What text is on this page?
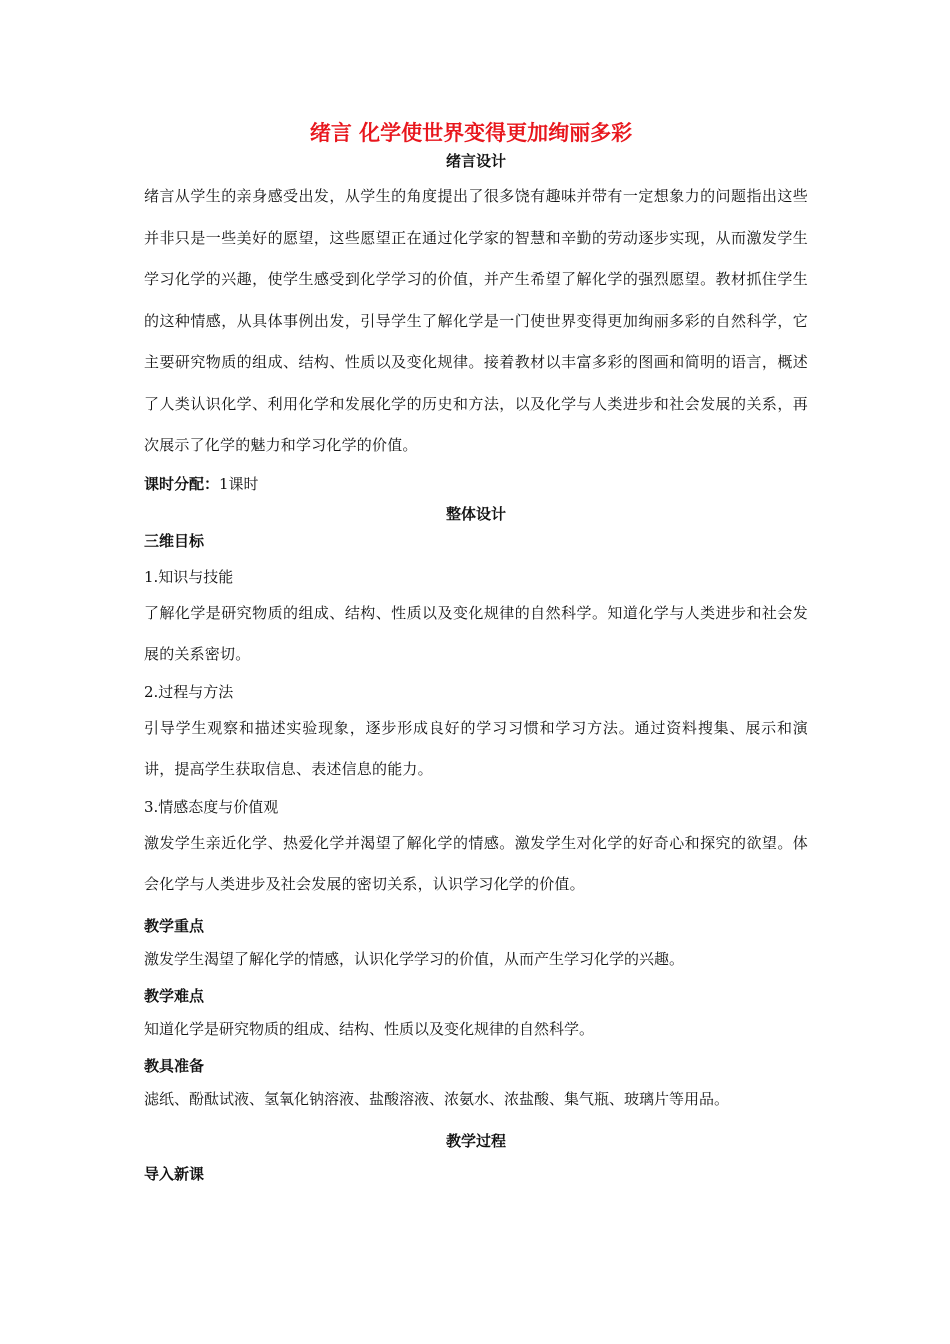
绪言 化学使世界变得更加绚丽多彩
绪言设计
绪言从学生的亲身感受出发，从学生的角度提出了很多饶有趣味并带有一定想象力的问题指出这些并非只是一些美好的愿望，这些愿望正在通过化学家的智慧和辛勤的劳动逐步实现，从而激发学生学习化学的兴趣，使学生感受到化学学习的价值，并产生希望了解化学的强烈愿望。教材抓住学生的这种情感，从具体事例出发，引导学生了解化学是一门使世界变得更加绚丽多彩的自然科学，它主要研究物质的组成、结构、性质以及变化规律。接着教材以丰富多彩的图画和简明的语言，概述了人类认识化学、利用化学和发展化学的历史和方法，以及化学与人类进步和社会发展的关系，再次展示了化学的魅力和学习化学的价值。
课时分配：1课时
整体设计
三维目标
1.知识与技能
了解化学是研究物质的组成、结构、性质以及变化规律的自然科学。知道化学与人类进步和社会发展的关系密切。
2.过程与方法
引导学生观察和描述实验现象，逐步形成良好的学习习惯和学习方法。通过资料搜集、展示和演讲，提高学生获取信息、表述信息的能力。
3.情感态度与价值观
激发学生亲近化学、热爱化学并渴望了解化学的情感。激发学生对化学的好奇心和探究的欲望。体会化学与人类进步及社会发展的密切关系，认识学习化学的价值。
教学重点
激发学生渴望了解化学的情感，认识化学学习的价值，从而产生学习化学的兴趣。
教学难点
知道化学是研究物质的组成、结构、性质以及变化规律的自然科学。
教具准备
滤纸、酚酞试液、氢氧化钠溶液、盐酸溶液、浓氨水、浓盐酸、集气瓶、玻璃片等用品。
教学过程
导入新课
